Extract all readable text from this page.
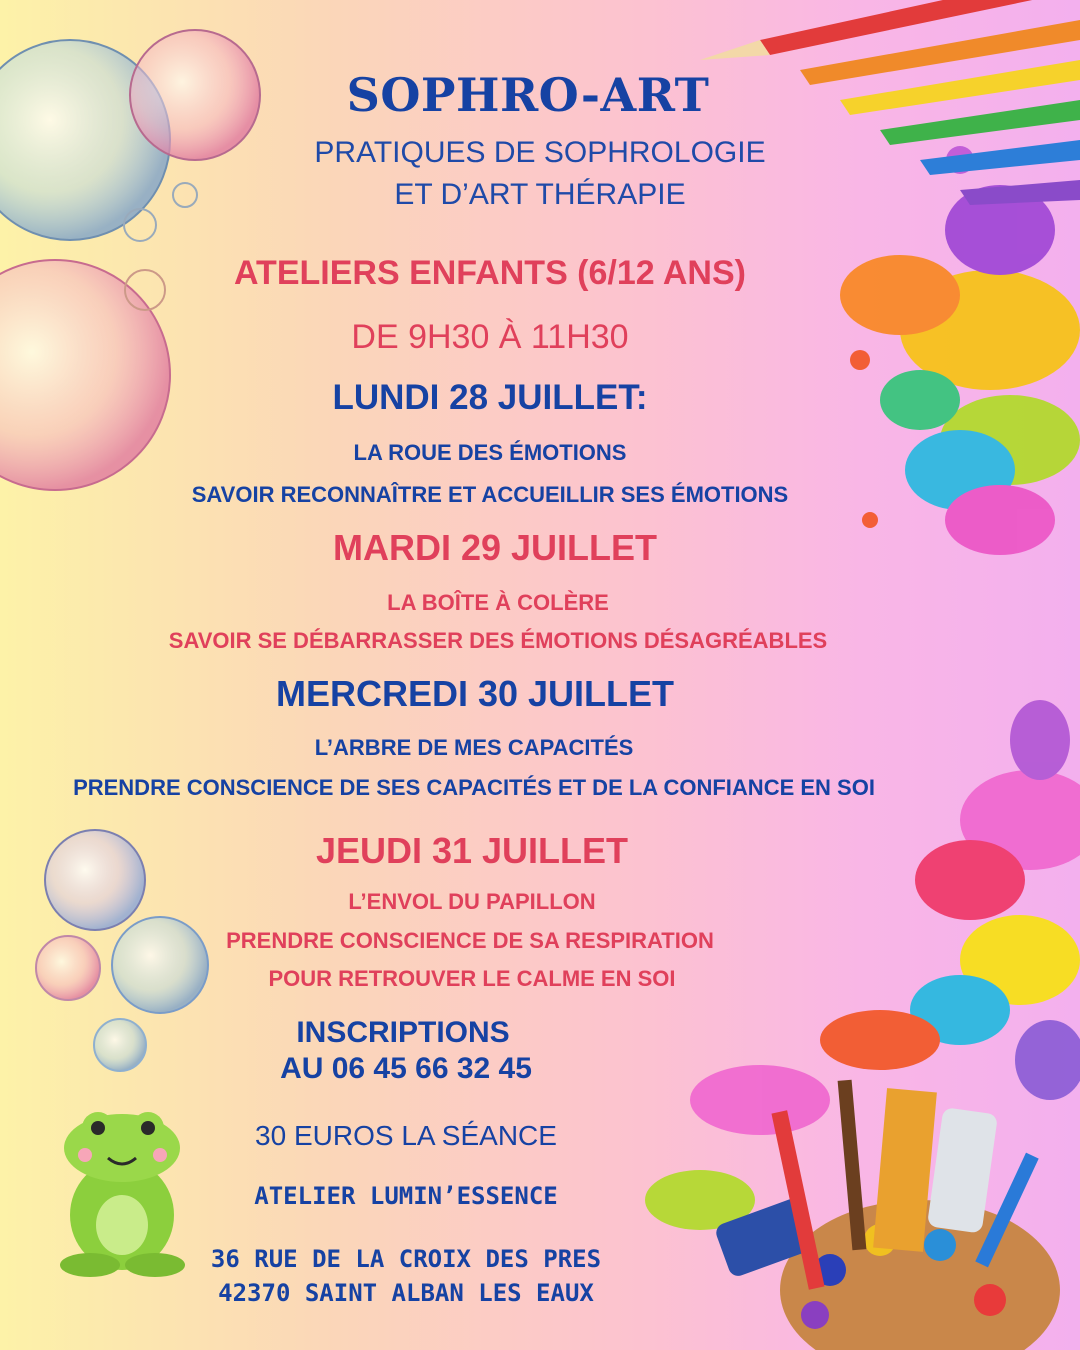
SOPHRO-ART
PRATIQUES DE SOPHROLOGIE
ET D’ART THÉRAPIE
ATELIERS ENFANTS (6/12 ANS)
DE 9H30 À 11H30
LUNDI 28 JUILLET:
LA ROUE DES ÉMOTIONS
SAVOIR RECONNAÎTRE ET ACCUEILLIR SES ÉMOTIONS
MARDI 29 JUILLET
LA BOÎTE À COLÈRE
SAVOIR SE DÉBARRASSER DES ÉMOTIONS DÉSAGRÉABLES
MERCREDI 30 JUILLET
L’ARBRE DE MES CAPACITÉS
PRENDRE CONSCIENCE DE SES CAPACITÉS ET DE LA CONFIANCE EN SOI
JEUDI 31 JUILLET
L’ENVOL DU PAPILLON
PRENDRE CONSCIENCE DE SA RESPIRATION
POUR RETROUVER LE CALME EN SOI
INSCRIPTIONS
AU 06 45 66 32 45
30 EUROS LA SÉANCE
ATELIER LUMIN’ESSENCE
36 RUE DE LA CROIX DES PRES
42370 SAINT ALBAN LES EAUX
